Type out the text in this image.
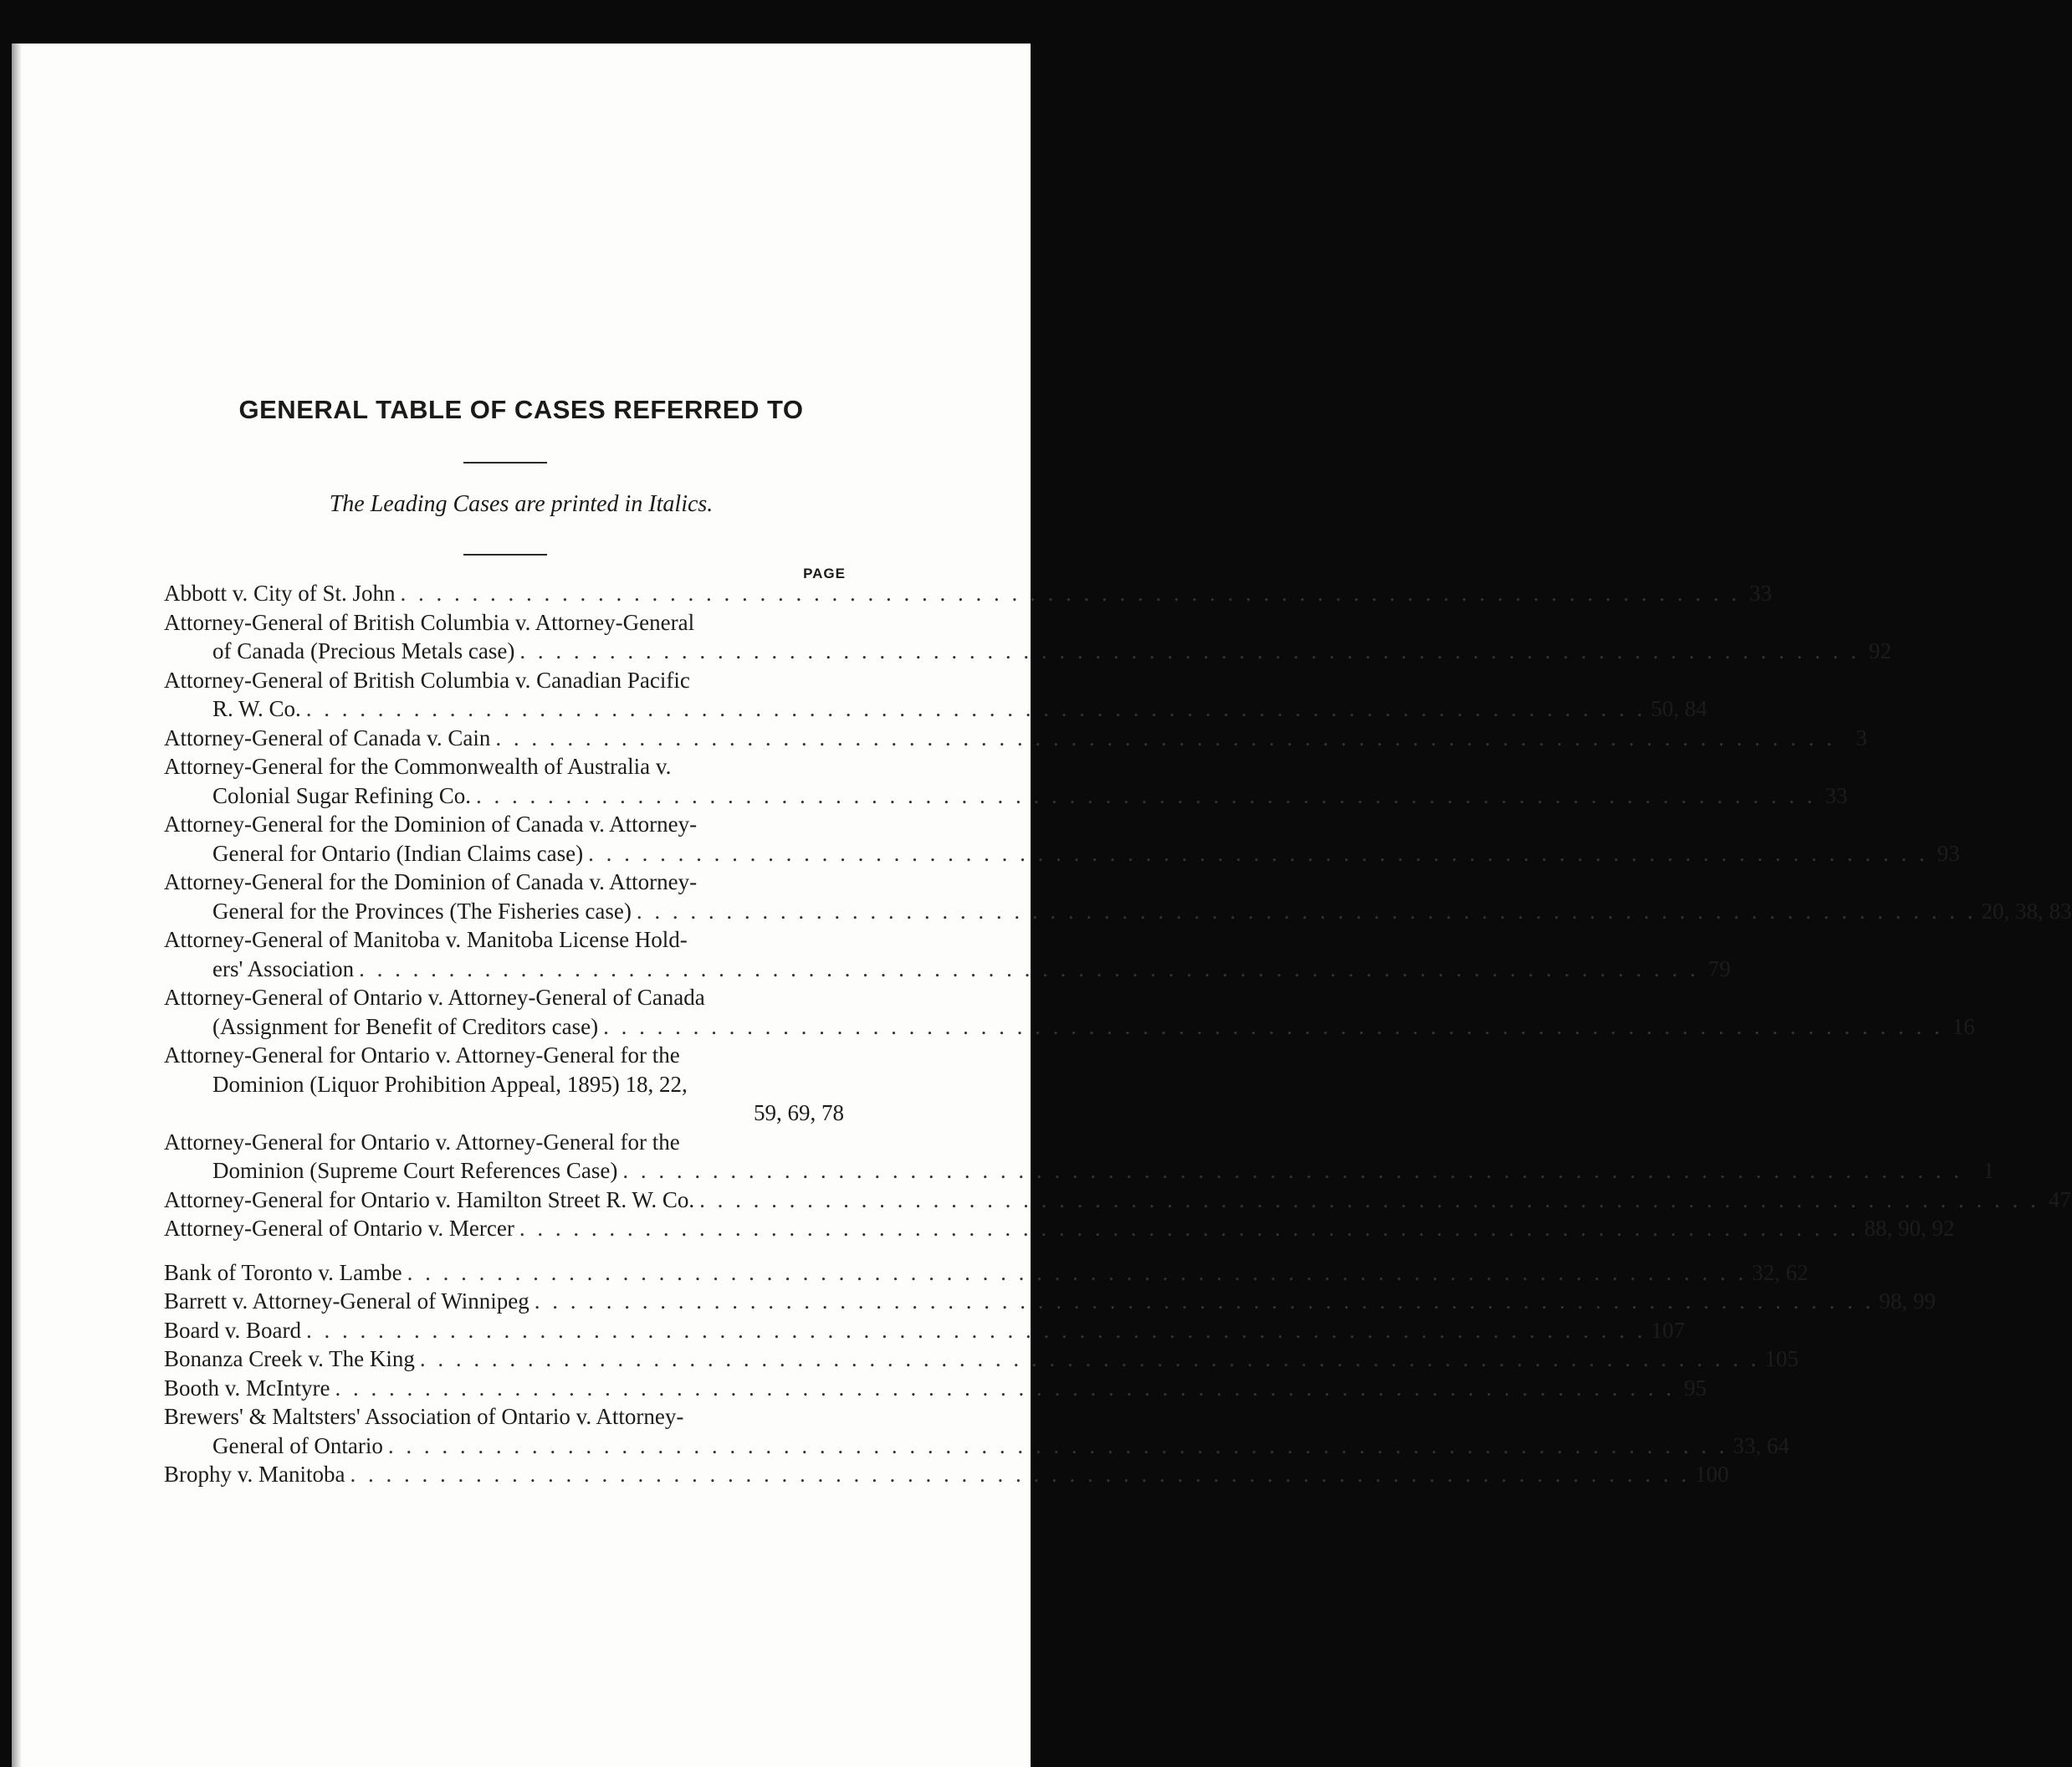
GENERAL TABLE OF CASES REFERRED TO
The Leading Cases are printed in Italics.
PAGE
Abbott v. City of St. John . . . . . . . . . . . . . . . . . . . . . . . . . . . . . . . . . . . . . . . . . . . . . . . . . . . . . . . . . . . . . . . . . . . . . . . . . . . 33
Attorney-General of British Columbia v. Attorney-General
of Canada (Precious Metals case) . . . . . . . . . . . . . . . . . . . . . . . . . . . . . . . . . . . . . . . . . . . . . . . . . . . . . . . . . . . . . . . . . . . . . . . . . . . 92
Attorney-General of British Columbia v. Canadian Pacific
R. W. Co. . . . . . . . . . . . . . . . . . . . . . . . . . . . . . . . . . . . . . . . . . . . . . . . . . . . . . . . . . . . . . . . . . . . . . . . . . . . 50, 84
Attorney-General of Canada v. Cain . . . . . . . . . . . . . . . . . . . . . . . . . . . . . . . . . . . . . . . . . . . . . . . . . . . . . . . . . . . . . . . . . . . . . . . . . . . 3
Attorney-General for the Commonwealth of Australia v.
Colonial Sugar Refining Co. . . . . . . . . . . . . . . . . . . . . . . . . . . . . . . . . . . . . . . . . . . . . . . . . . . . . . . . . . . . . . . . . . . . . . . . . . . . 33
Attorney-General for the Dominion of Canada v. Attorney-
General for Ontario (Indian Claims case) . . . . . . . . . . . . . . . . . . . . . . . . . . . . . . . . . . . . . . . . . . . . . . . . . . . . . . . . . . . . . . . . . . . . . . . . . . . 93
Attorney-General for the Dominion of Canada v. Attorney-
General for the Provinces (The Fisheries case) . . . . . . . . . . . . . . . . . . . . . . . . . . . . . . . . . . . . . . . . . . . . . . . . . . . . . . . . . . . . . . . . . . . . . . . . . . . 20, 38, 83
Attorney-General of Manitoba v. Manitoba License Hold-
ers' Association . . . . . . . . . . . . . . . . . . . . . . . . . . . . . . . . . . . . . . . . . . . . . . . . . . . . . . . . . . . . . . . . . . . . . . . . . . . 79
Attorney-General of Ontario v. Attorney-General of Canada
(Assignment for Benefit of Creditors case) . . . . . . . . . . . . . . . . . . . . . . . . . . . . . . . . . . . . . . . . . . . . . . . . . . . . . . . . . . . . . . . . . . . . . . . . . . . 16
Attorney-General for Ontario v. Attorney-General for the
Dominion (Liquor Prohibition Appeal, 1895) 18, 22,
59, 69, 78
Attorney-General for Ontario v. Attorney-General for the
Dominion (Supreme Court References Case) . . . . . . . . . . . . . . . . . . . . . . . . . . . . . . . . . . . . . . . . . . . . . . . . . . . . . . . . . . . . . . . . . . . . . . . . . . . 1
Attorney-General for Ontario v. Hamilton Street R. W. Co. . . . . . . . . . . . . . . . . . . . . . . . . . . . . . . . . . . . . . . . . . . . . . . . . . . . . . . . . . . . . . . . . . . . . . . . . . . . 47
Attorney-General of Ontario v. Mercer . . . . . . . . . . . . . . . . . . . . . . . . . . . . . . . . . . . . . . . . . . . . . . . . . . . . . . . . . . . . . . . . . . . . . . . . . . . 88, 90, 92
Bank of Toronto v. Lambe . . . . . . . . . . . . . . . . . . . . . . . . . . . . . . . . . . . . . . . . . . . . . . . . . . . . . . . . . . . . . . . . . . . . . . . . . . . 32, 62
Barrett v. Attorney-General of Winnipeg . . . . . . . . . . . . . . . . . . . . . . . . . . . . . . . . . . . . . . . . . . . . . . . . . . . . . . . . . . . . . . . . . . . . . . . . . . . 98, 99
Board v. Board . . . . . . . . . . . . . . . . . . . . . . . . . . . . . . . . . . . . . . . . . . . . . . . . . . . . . . . . . . . . . . . . . . . . . . . . . . . 107
Bonanza Creek v. The King . . . . . . . . . . . . . . . . . . . . . . . . . . . . . . . . . . . . . . . . . . . . . . . . . . . . . . . . . . . . . . . . . . . . . . . . . . . 105
Booth v. McIntyre . . . . . . . . . . . . . . . . . . . . . . . . . . . . . . . . . . . . . . . . . . . . . . . . . . . . . . . . . . . . . . . . . . . . . . . . . . . 95
Brewers' & Maltsters' Association of Ontario v. Attorney-
General of Ontario . . . . . . . . . . . . . . . . . . . . . . . . . . . . . . . . . . . . . . . . . . . . . . . . . . . . . . . . . . . . . . . . . . . . . . . . . . . 33, 64
Brophy v. Manitoba . . . . . . . . . . . . . . . . . . . . . . . . . . . . . . . . . . . . . . . . . . . . . . . . . . . . . . . . . . . . . . . . . . . . . . . . . . . 100
